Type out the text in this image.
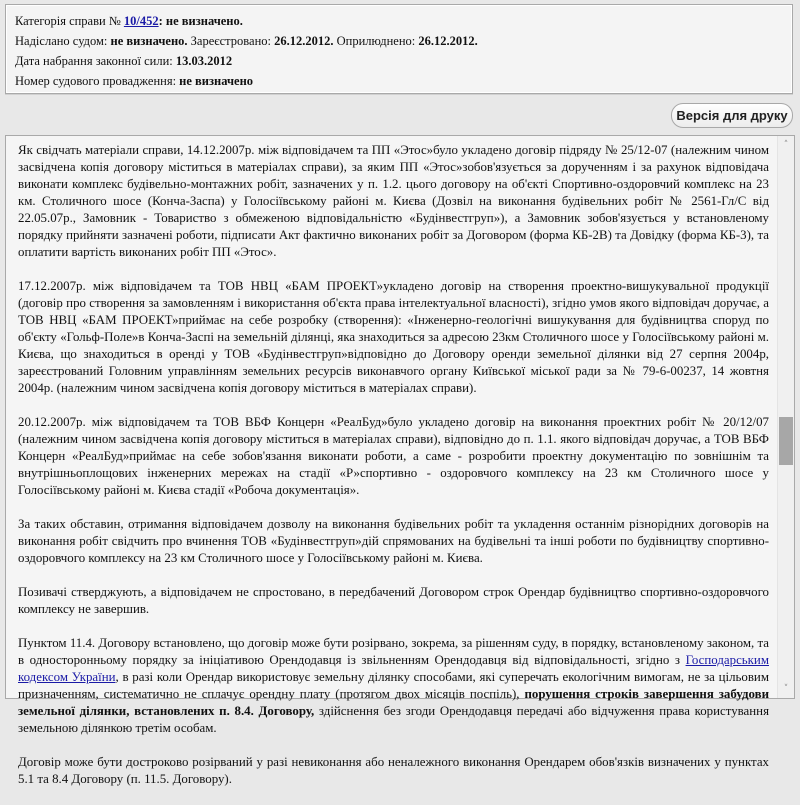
Категорія справи № 10/452: не визначено.
Надіслано судом: не визначено. Зареєстровано: 26.12.2012. Оприлюднено: 26.12.2012.
Дата набрання законної сили: 13.03.2012
Номер судового провадження: не визначено
Версія для друку

Як свідчать матеріали справи, 14.12.2007р. між відповідачем та ПП «Этос»було укладено договір підряду № 25/12-07 (належним чином засвідчена копія договору міститься в матеріалах справи), за яким ПП «Этос»зобов'язується за дорученням і за рахунок відповідача виконати комплекс будівельно-монтажних робіт, зазначених у п. 1.2. цього договору на об'єкті Спортивно-оздоровчий комплекс на 23 км. Столичного шосе (Конча-Заспа) у Голосіївському районі м. Києва (Дозвіл на виконання будівельних робіт № 2561-Гл/С від 22.05.07р., Замовник - Товариство з обмеженою відповідальністю «Будінвестгруп»), а Замовник зобов'язується у встановленому порядку прийняти зазначені роботи, підписати Акт фактично виконаних робіт за Договором (форма КБ-2В) та Довідку (форма КБ-3), та оплатити вартість виконаних робіт ПП «Этос».

17.12.2007р. між відповідачем та ТОВ НВЦ «БАМ ПРОЕКТ»укладено договір на створення проектно-вишукувальної продукції (договір про створення за замовленням і використання об'єкта права інтелектуальної власності), згідно умов якого відповідач доручає, а ТОВ НВЦ «БАМ ПРОЕКТ»приймає на себе розробку (створення): «Інженерно-геологічні вишукування для будівництва споруд по об'єкту «Гольф-Поле»в Конча-Заспі на земельній ділянці, яка знаходиться за адресою 23км Столичного шосе у Голосіївському районі м. Києва, що знаходиться в оренді у ТОВ «Будінвестгруп»відповідно до Договору оренди земельної ділянки від 27 серпня 2004р, зареєстрований Головним управлінням земельних ресурсів виконавчого органу Київської міської ради за № 79-6-00237, 14 жовтня 2004р. (належним чином засвідчена копія договору міститься в матеріалах справи).

20.12.2007р. між відповідачем та ТОВ ВБФ Концерн «РеалБуд»було укладено договір на виконання проектних робіт № 20/12/07 (належним чином засвідчена копія договору міститься в матеріалах справи), відповідно до п. 1.1. якого відповідач доручає, а ТОВ ВБФ Концерн «РеалБуд»приймає на себе зобов'язання виконати роботи, а саме - розробити проектну документацію по зовнішнім та внутрішньоплощових інженерних мережах на стадії «Р»спортивно - оздоровчого комплексу на 23 км Столичного шосе у Голосіївському районі м. Києва стадії «Робоча документація».

За таких обставин, отримання відповідачем дозволу на виконання будівельних робіт та укладення останнім різнорідних договорів на виконання робіт свідчить про вчинення ТОВ «Будінвестгруп»дій спрямованих на будівельні та інші роботи по будівництву спортивно-оздоровчого комплексу на 23 км Столичного шосе у Голосіївському районі м. Києва.

Позивачі стверджують, а відповідачем не спростовано, в передбачений Договором строк Орендар будівництво спортивно-оздоровчого комплексу не завершив.

Пунктом 11.4. Договору встановлено, що договір може бути розірвано, зокрема, за рішенням суду, в порядку, встановленому законом, та в односторонньому порядку за ініціативою Орендодавця із звільненням Орендодавця від відповідальності, згідно з Господарським кодексом України, в разі коли Орендар використовує земельну ділянку способами, які суперечать екологічним вимогам, не за цільовим призначенням, систематично не сплачує орендну плату (протягом двох місяців поспіль), порушення строків завершення забудови земельної ділянки, встановлених п. 8.4. Договору, здійснення без згоди Орендодавця передачі або відчуження права користування земельною ділянкою третім особам.

Договір може бути достроково розірваний у разі невиконання або неналежного виконання Орендарем обов'язків визначених у пунктах 5.1 та 8.4 Договору (п. 11.5. Договору).

˄
˅
